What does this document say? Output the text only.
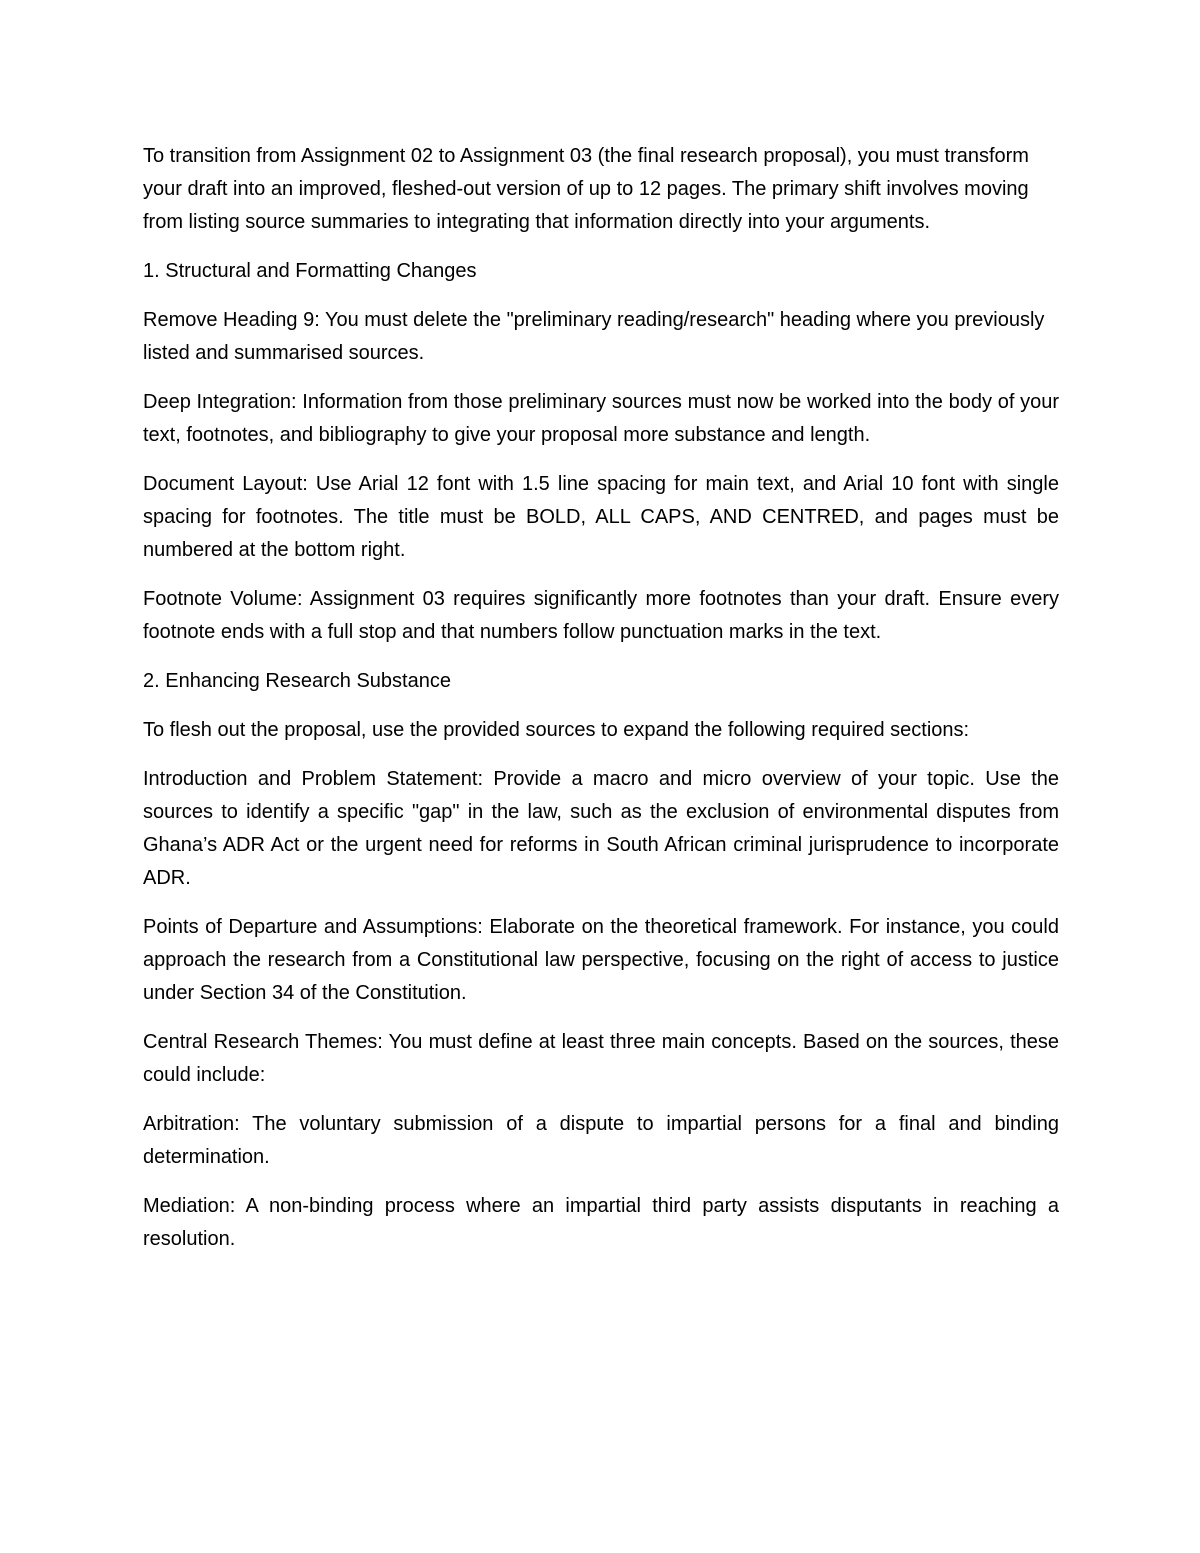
To transition from Assignment 02 to Assignment 03 (the final research proposal), you must transform your draft into an improved, fleshed-out version of up to 12 pages. The primary shift involves moving from listing source summaries to integrating that information directly into your arguments.

1. Structural and Formatting Changes

Remove Heading 9: You must delete the "preliminary reading/research" heading where you previously listed and summarised sources.

Deep Integration: Information from those preliminary sources must now be worked into the body of your text, footnotes, and bibliography to give your proposal more substance and length.

Document Layout: Use Arial 12 font with 1.5 line spacing for main text, and Arial 10 font with single spacing for footnotes. The title must be BOLD, ALL CAPS, AND CENTRED, and pages must be numbered at the bottom right.

Footnote Volume: Assignment 03 requires significantly more footnotes than your draft. Ensure every footnote ends with a full stop and that numbers follow punctuation marks in the text.

2. Enhancing Research Substance

To flesh out the proposal, use the provided sources to expand the following required sections:

Introduction and Problem Statement: Provide a macro and micro overview of your topic. Use the sources to identify a specific "gap" in the law, such as the exclusion of environmental disputes from Ghana’s ADR Act or the urgent need for reforms in South African criminal jurisprudence to incorporate ADR.

Points of Departure and Assumptions: Elaborate on the theoretical framework. For instance, you could approach the research from a Constitutional law perspective, focusing on the right of access to justice under Section 34 of the Constitution.

Central Research Themes: You must define at least three main concepts. Based on the sources, these could include:

Arbitration: The voluntary submission of a dispute to impartial persons for a final and binding determination.

Mediation: A non-binding process where an impartial third party assists disputants in reaching a resolution.
